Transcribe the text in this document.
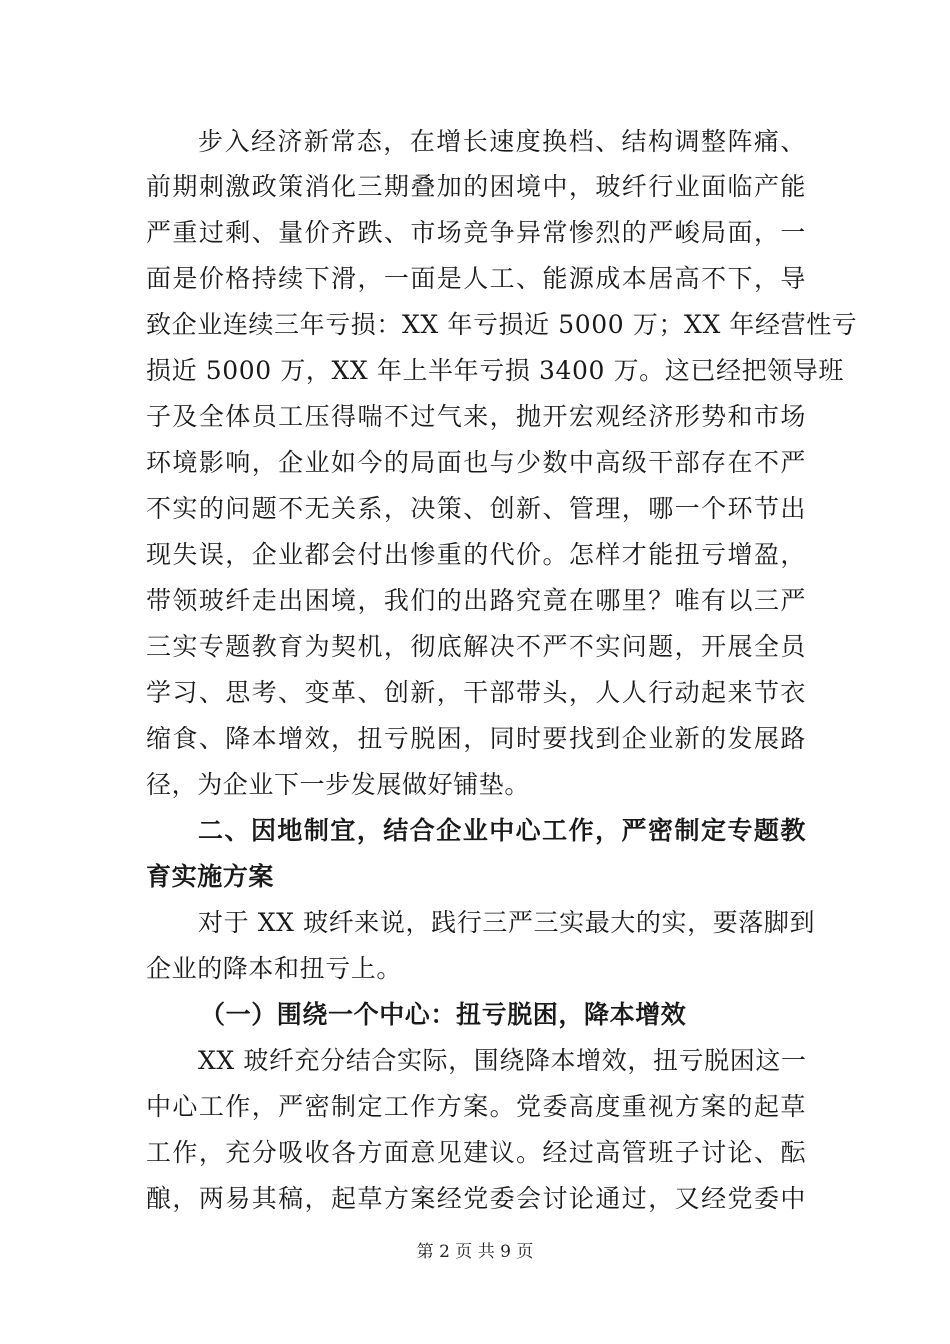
步入经济新常态，在增长速度换档、结构调整阵痛、
前期刺激政策消化三期叠加的困境中，玻纤行业面临产能
严重过剩、量价齐跌、市场竞争异常惨烈的严峻局面，一
面是价格持续下滑，一面是人工、能源成本居高不下，导
致企业连续三年亏损：XX 年亏损近 5000 万；XX 年经营性亏
损近 5000 万，XX 年上半年亏损 3400 万。这已经把领导班
子及全体员工压得喘不过气来，抛开宏观经济形势和市场
环境影响，企业如今的局面也与少数中高级干部存在不严
不实的问题不无关系，决策、创新、管理，哪一个环节出
现失误，企业都会付出惨重的代价。怎样才能扭亏增盈，
带领玻纤走出困境，我们的出路究竟在哪里？唯有以三严
三实专题教育为契机，彻底解决不严不实问题，开展全员
学习、思考、变革、创新，干部带头，人人行动起来节衣
缩食、降本增效，扭亏脱困，同时要找到企业新的发展路
径，为企业下一步发展做好铺垫。
二、因地制宜，结合企业中心工作，严密制定专题教
育实施方案
对于 XX 玻纤来说，践行三严三实最大的实，要落脚到
企业的降本和扭亏上。
（一）围绕一个中心：扭亏脱困，降本增效
XX 玻纤充分结合实际，围绕降本增效，扭亏脱困这一
中心工作，严密制定工作方案。党委高度重视方案的起草
工作，充分吸收各方面意见建议。经过高管班子讨论、酝
酿，两易其稿，起草方案经党委会讨论通过，又经党委中
第 2 页 共 9 页
